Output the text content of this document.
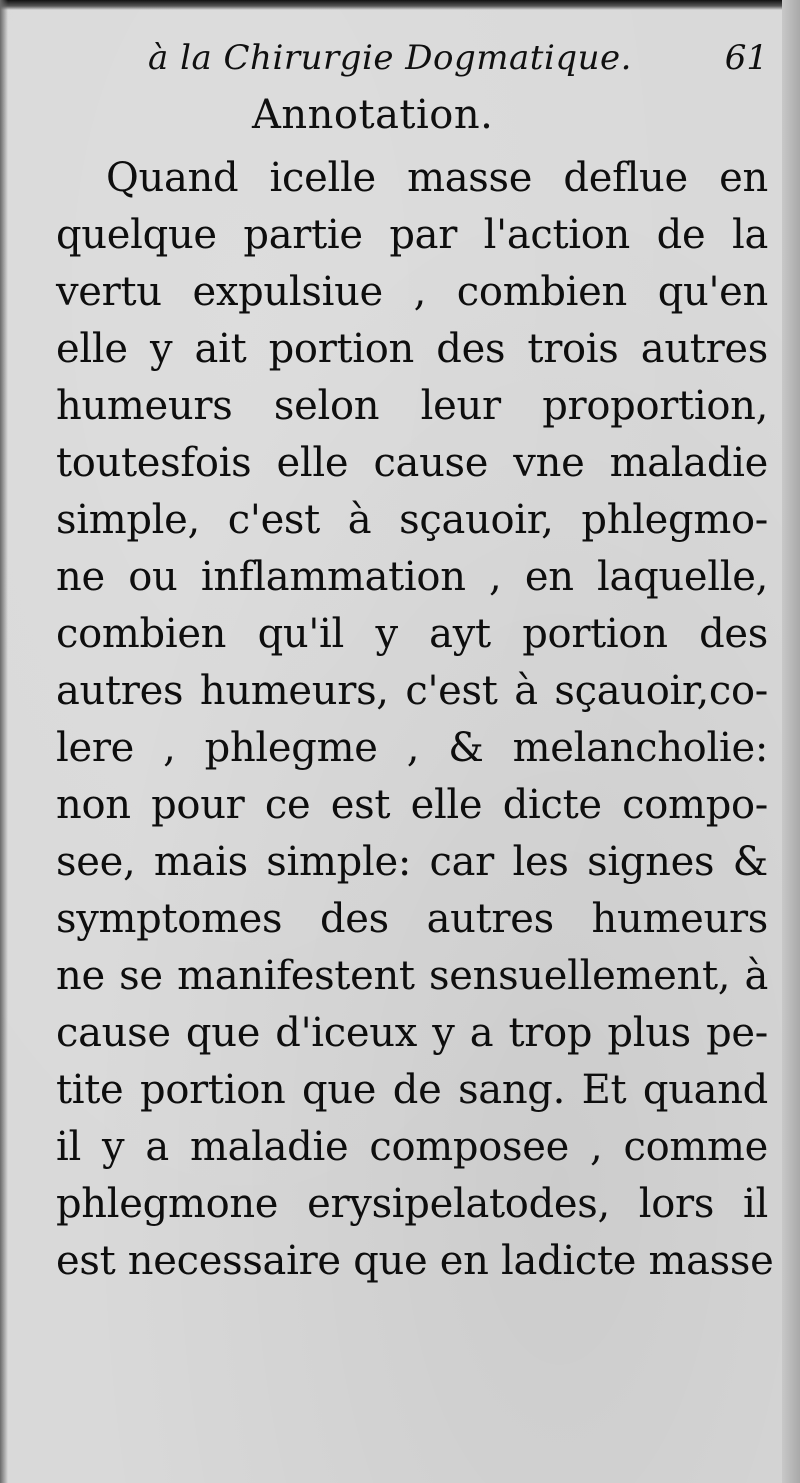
à la Chirurgie Dogmatique.	61
Annotation.
Quand icelle masse deflue en
quelque partie par l'action de la
vertu expulsiue , combien qu'en
elle y ait portion des trois autres
humeurs selon leur proportion,
toutesfois elle cause vne maladie
simple, c'est à sçauoir, phlegmo-
ne ou inflammation , en laquelle,
combien qu'il y ayt portion des
autres humeurs, c'est à sçauoir,co-
lere , phlegme , & melancholie:
non pour ce est elle dicte compo-
see, mais simple: car les signes &
symptomes des autres humeurs
ne se manifestent sensuellement, à
cause que d'iceux y a trop plus pe-
tite portion que de sang. Et quand
il y a maladie composee , comme
phlegmone erysipelatodes, lors il
est necessaire que en ladicte masse
